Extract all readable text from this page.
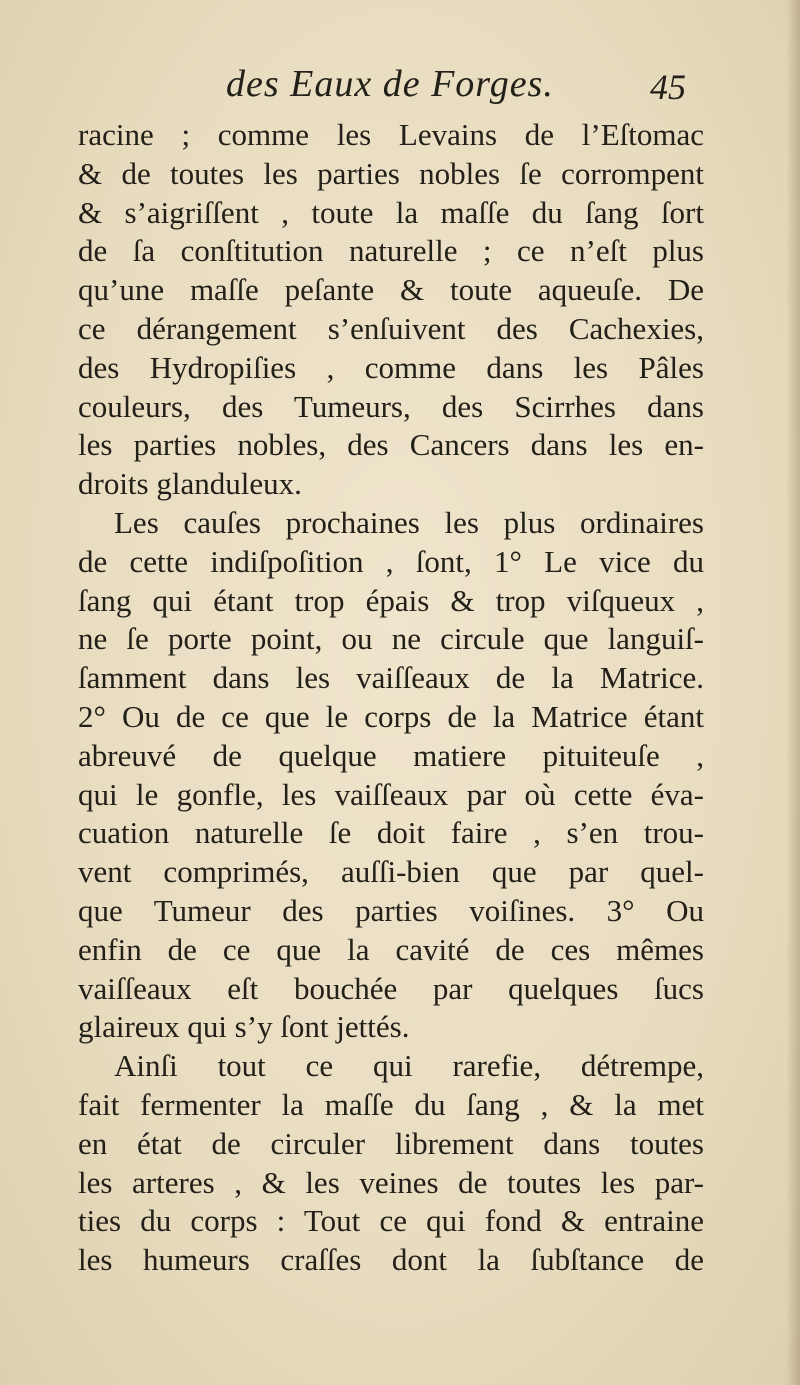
des Eaux de Forges.	45
racine ; comme les Levains de l’Eſtomac
& de toutes les parties nobles ſe corrompent
& s’aigriſſent , toute la maſſe du ſang ſort
de ſa conſtitution naturelle ; ce n’eſt plus
qu’une maſſe peſante & toute aqueuſe. De
ce dérangement s’enſuivent des Cachexies,
des Hydropiſies , comme dans les Pâles
couleurs, des Tumeurs, des Scirrhes dans
les parties nobles, des Cancers dans les en-
droits glanduleux.
Les cauſes prochaines les plus ordinaires
de cette indiſpoſition , ſont, 1° Le vice du
ſang qui étant trop épais & trop viſqueux ,
ne ſe porte point, ou ne circule que languiſ-
ſamment dans les vaiſſeaux de la Matrice.
2° Ou de ce que le corps de la Matrice étant
abreuvé de quelque matiere pituiteuſe ,
qui le gonfle, les vaiſſeaux par où cette éva-
cuation naturelle ſe doit faire , s’en trou-
vent comprimés, auſſi-bien que par quel-
que Tumeur des parties voiſines. 3° Ou
enfin de ce que la cavité de ces mêmes
vaiſſeaux eſt bouchée par quelques ſucs
glaireux qui s’y ſont jettés.
Ainſi tout ce qui rarefie, détrempe,
fait fermenter la maſſe du ſang , & la met
en état de circuler librement dans toutes
les arteres , & les veines de toutes les par-
ties du corps : Tout ce qui fond & entraine
les humeurs craſſes dont la ſubſtance de
